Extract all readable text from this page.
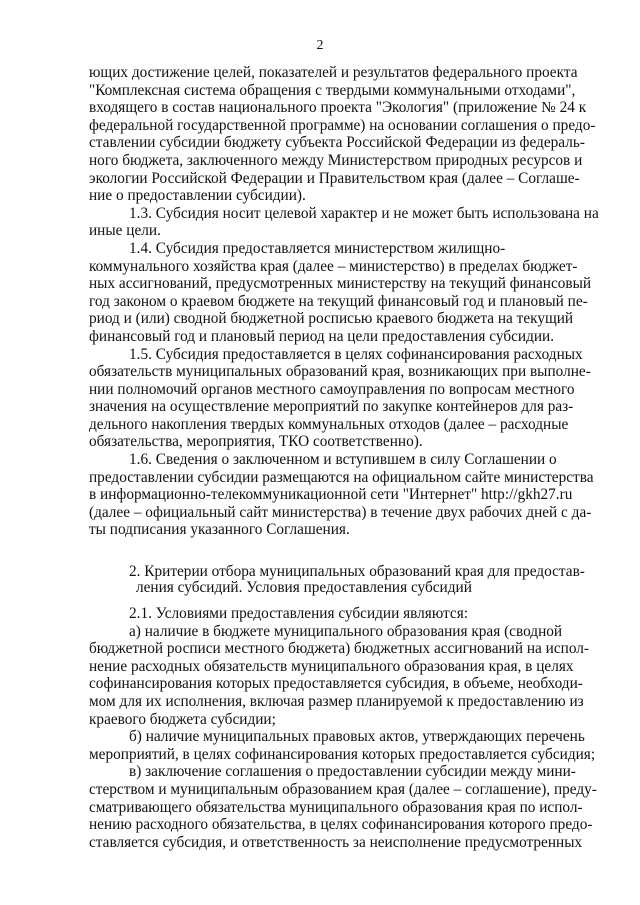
2
ющих достижение целей, показателей и результатов федерального проекта
"Комплексная система обращения с твердыми коммунальными отходами",
входящего в состав национального проекта "Экология" (приложение № 24 к
федеральной государственной программе) на основании соглашения о предо-
ставлении субсидии бюджету субъекта Российской Федерации из федераль-
ного бюджета, заключенного между Министерством природных ресурсов и
экологии Российской Федерации и Правительством края (далее – Соглаше-
ние о предоставлении субсидии).
1.3. Субсидия носит целевой характер и не может быть использована на
иные цели.
1.4. Субсидия предоставляется министерством жилищно-
коммунального хозяйства края (далее – министерство) в пределах бюджет-
ных ассигнований, предусмотренных министерству на текущий финансовый
год законом о краевом бюджете на текущий финансовый год и плановый пе-
риод и (или) сводной бюджетной росписью краевого бюджета на текущий
финансовый год и плановый период на цели предоставления субсидии.
1.5. Субсидия предоставляется в целях софинансирования расходных
обязательств муниципальных образований края, возникающих при выполне-
нии полномочий органов местного самоуправления по вопросам местного
значения на осуществление мероприятий по закупке контейнеров для раз-
дельного накопления твердых коммунальных отходов (далее – расходные
обязательства, мероприятия, ТКО соответственно).
1.6. Сведения о заключенном и вступившем в силу Соглашении о
предоставлении субсидии размещаются на официальном сайте министерства
в информационно-телекоммуникационной сети "Интернет" http://gkh27.ru
(далее – официальный сайт министерства) в течение двух рабочих дней с да-
ты подписания указанного Соглашения.
2. Критерии отбора муниципальных образований края для предостав-
ления субсидий. Условия предоставления субсидий
2.1. Условиями предоставления субсидии являются:
а) наличие в бюджете муниципального образования края (сводной
бюджетной росписи местного бюджета) бюджетных ассигнований на испол-
нение расходных обязательств муниципального образования края, в целях
софинансирования которых предоставляется субсидия, в объеме, необходи-
мом для их исполнения, включая размер планируемой к предоставлению из
краевого бюджета субсидии;
б) наличие муниципальных правовых актов, утверждающих перечень
мероприятий, в целях софинансирования которых предоставляется субсидия;
в) заключение соглашения о предоставлении субсидии между мини-
стерством и муниципальным образованием края (далее – соглашение), преду-
сматривающего обязательства муниципального образования края по испол-
нению расходного обязательства, в целях софинансирования которого предо-
ставляется субсидия, и ответственность за неисполнение предусмотренных
